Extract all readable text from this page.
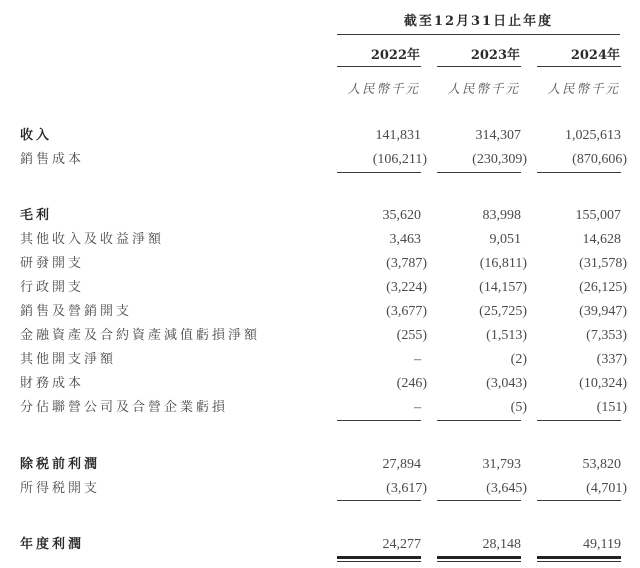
截至12月31日止年度
2022年	2023年	2024年
人民幣千元	人民幣千元	人民幣千元
收入	141,831	314,307	1,025,613
銷售成本	(106,211)	(230,309)	(870,606)
毛利	35,620	83,998	155,007
其他收入及收益淨額	3,463	9,051	14,628
研發開支	(3,787)	(16,811)	(31,578)
行政開支	(3,224)	(14,157)	(26,125)
銷售及營銷開支	(3,677)	(25,725)	(39,947)
金融資產及合約資產減值虧損淨額	(255)	(1,513)	(7,353)
其他開支淨額	–	(2)	(337)
財務成本	(246)	(3,043)	(10,324)
分佔聯營公司及合營企業虧損	–	(5)	(151)
除税前利潤	27,894	31,793	53,820
所得税開支	(3,617)	(3,645)	(4,701)
年度利潤	24,277	28,148	49,119
